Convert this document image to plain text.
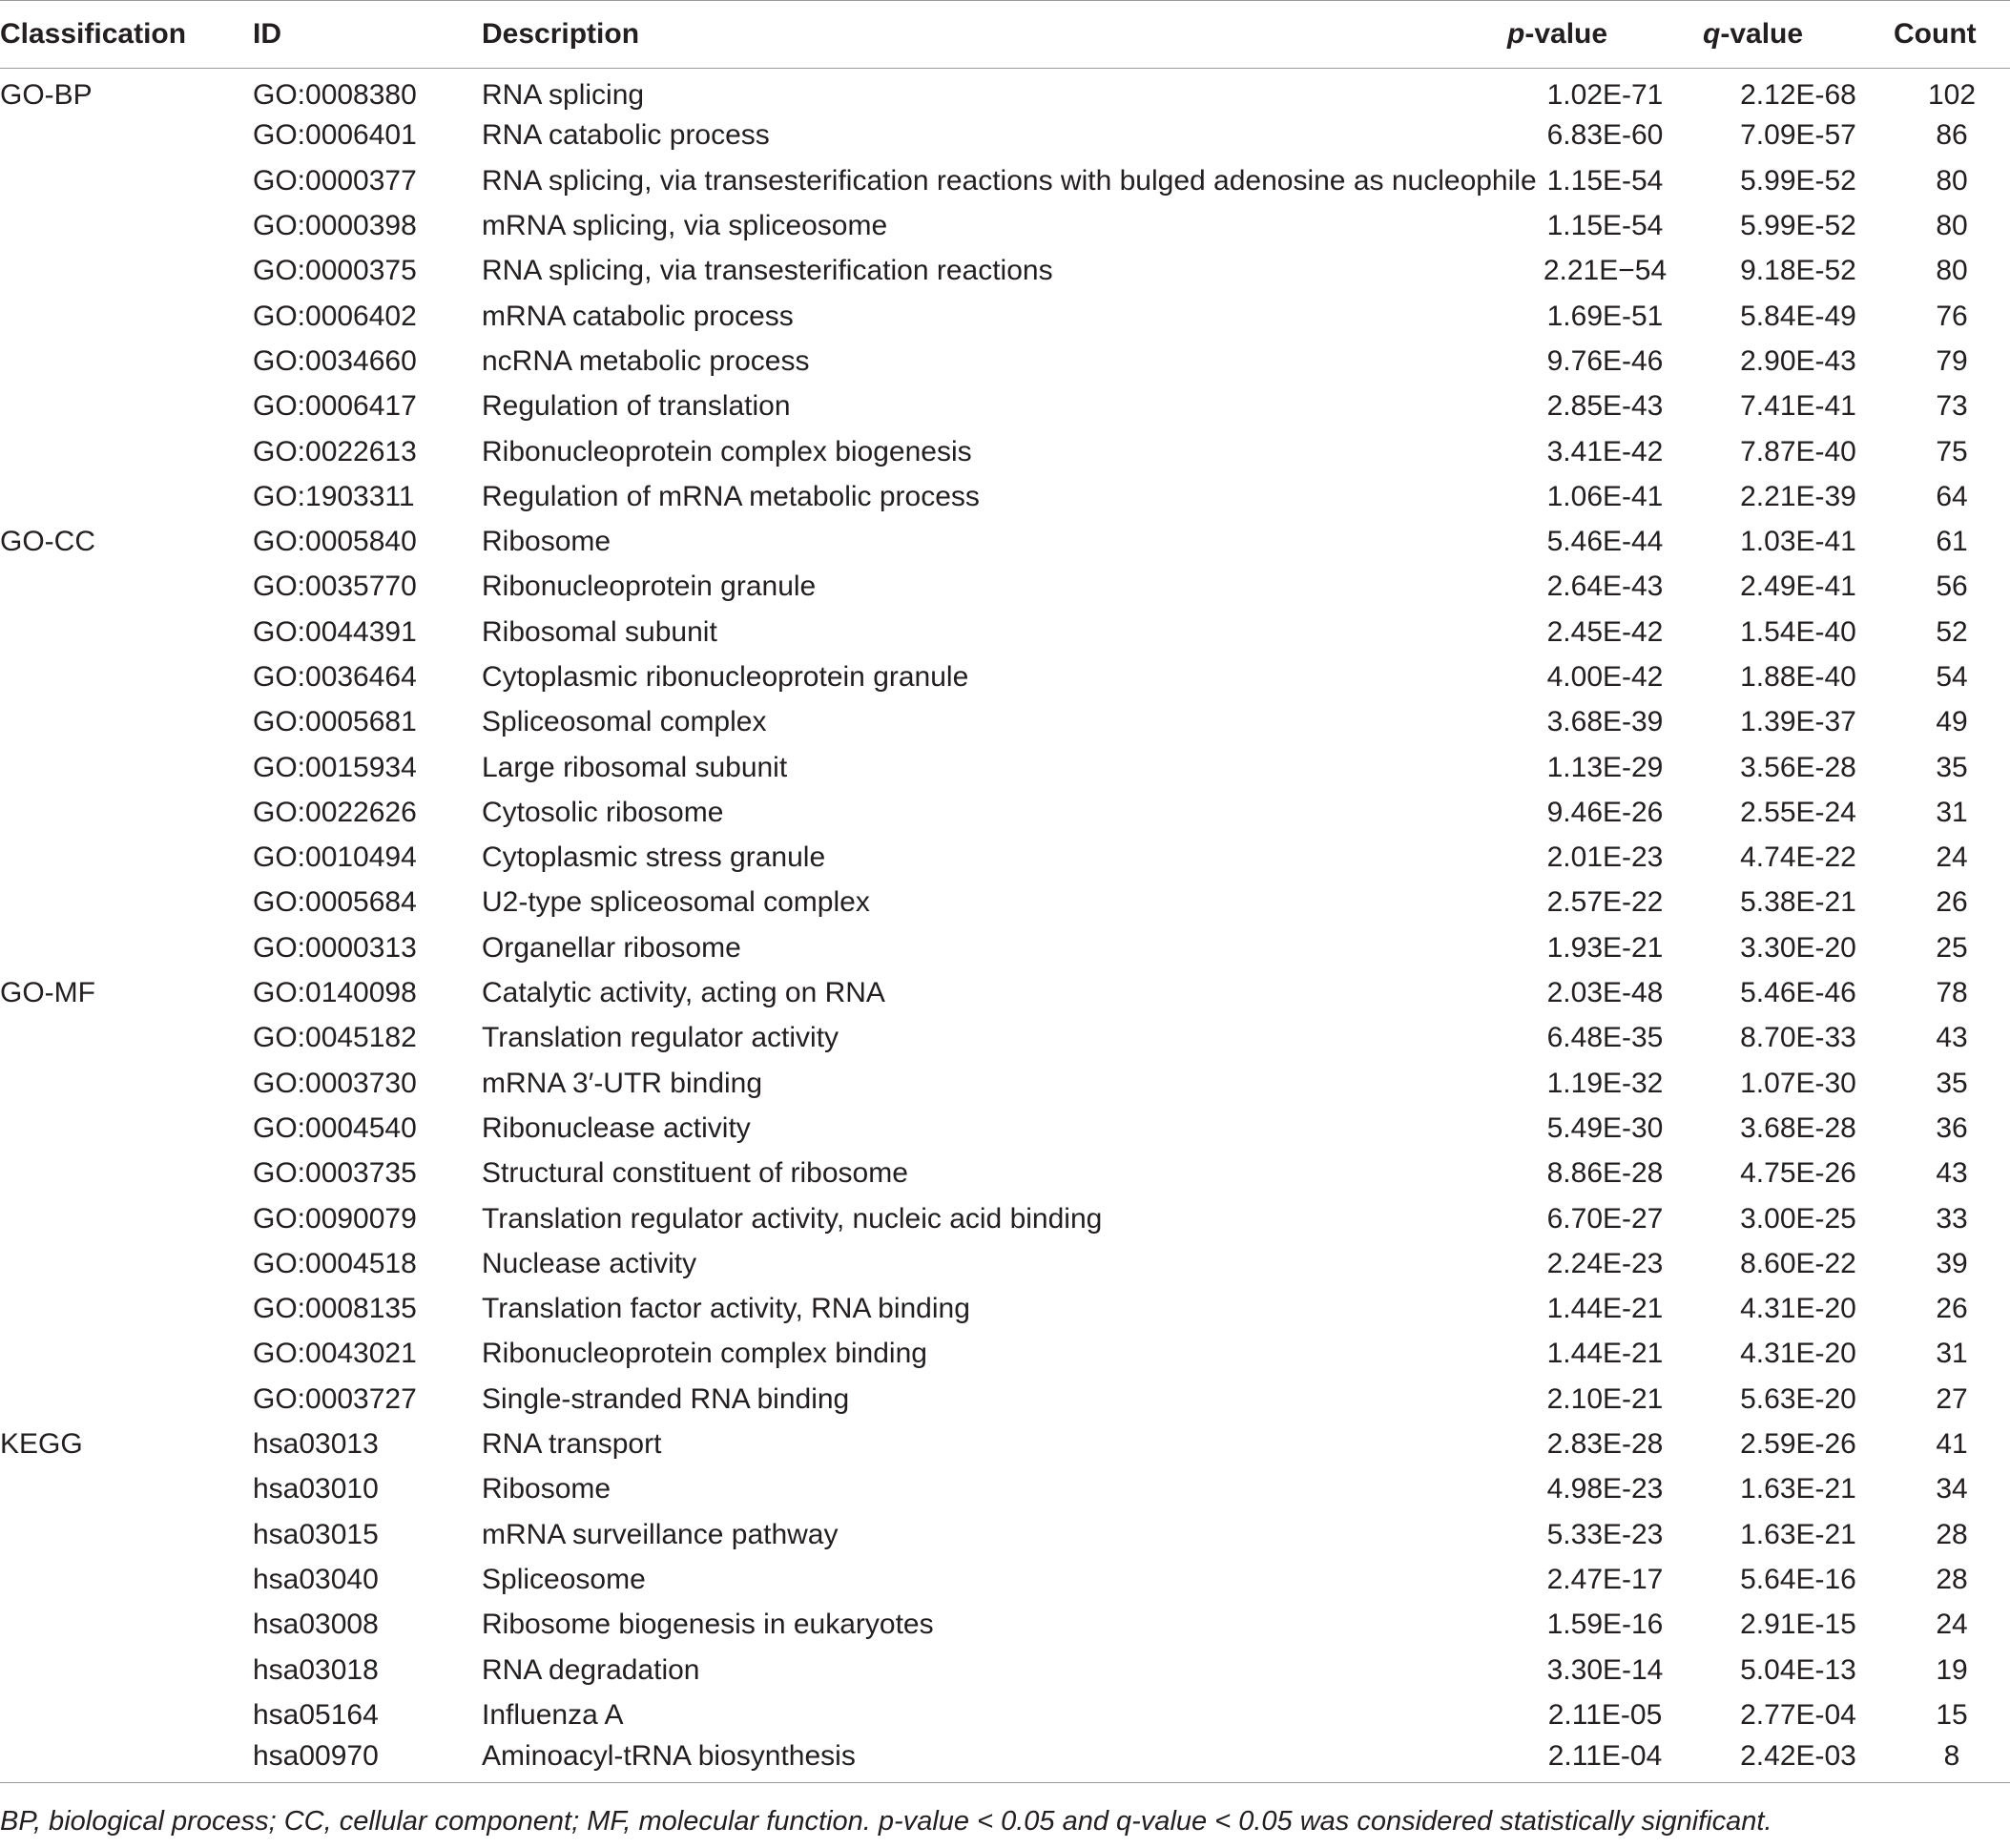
Classification	ID	Description	p-value	q-value	Count
GO-BP	GO:0008380	RNA splicing	1.02E-71	2.12E-68	102
	GO:0006401	RNA catabolic process	6.83E-60	7.09E-57	86
	GO:0000377	RNA splicing, via transesterification reactions with bulged adenosine as nucleophile	1.15E-54	5.99E-52	80
	GO:0000398	mRNA splicing, via spliceosome	1.15E-54	5.99E-52	80
	GO:0000375	RNA splicing, via transesterification reactions	2.21E−54	9.18E-52	80
	GO:0006402	mRNA catabolic process	1.69E-51	5.84E-49	76
	GO:0034660	ncRNA metabolic process	9.76E-46	2.90E-43	79
	GO:0006417	Regulation of translation	2.85E-43	7.41E-41	73
	GO:0022613	Ribonucleoprotein complex biogenesis	3.41E-42	7.87E-40	75
	GO:1903311	Regulation of mRNA metabolic process	1.06E-41	2.21E-39	64
GO-CC	GO:0005840	Ribosome	5.46E-44	1.03E-41	61
	GO:0035770	Ribonucleoprotein granule	2.64E-43	2.49E-41	56
	GO:0044391	Ribosomal subunit	2.45E-42	1.54E-40	52
	GO:0036464	Cytoplasmic ribonucleoprotein granule	4.00E-42	1.88E-40	54
	GO:0005681	Spliceosomal complex	3.68E-39	1.39E-37	49
	GO:0015934	Large ribosomal subunit	1.13E-29	3.56E-28	35
	GO:0022626	Cytosolic ribosome	9.46E-26	2.55E-24	31
	GO:0010494	Cytoplasmic stress granule	2.01E-23	4.74E-22	24
	GO:0005684	U2-type spliceosomal complex	2.57E-22	5.38E-21	26
	GO:0000313	Organellar ribosome	1.93E-21	3.30E-20	25
GO-MF	GO:0140098	Catalytic activity, acting on RNA	2.03E-48	5.46E-46	78
	GO:0045182	Translation regulator activity	6.48E-35	8.70E-33	43
	GO:0003730	mRNA 3′-UTR binding	1.19E-32	1.07E-30	35
	GO:0004540	Ribonuclease activity	5.49E-30	3.68E-28	36
	GO:0003735	Structural constituent of ribosome	8.86E-28	4.75E-26	43
	GO:0090079	Translation regulator activity, nucleic acid binding	6.70E-27	3.00E-25	33
	GO:0004518	Nuclease activity	2.24E-23	8.60E-22	39
	GO:0008135	Translation factor activity, RNA binding	1.44E-21	4.31E-20	26
	GO:0043021	Ribonucleoprotein complex binding	1.44E-21	4.31E-20	31
	GO:0003727	Single-stranded RNA binding	2.10E-21	5.63E-20	27
KEGG	hsa03013	RNA transport	2.83E-28	2.59E-26	41
	hsa03010	Ribosome	4.98E-23	1.63E-21	34
	hsa03015	mRNA surveillance pathway	5.33E-23	1.63E-21	28
	hsa03040	Spliceosome	2.47E-17	5.64E-16	28
	hsa03008	Ribosome biogenesis in eukaryotes	1.59E-16	2.91E-15	24
	hsa03018	RNA degradation	3.30E-14	5.04E-13	19
	hsa05164	Influenza A	2.11E-05	2.77E-04	15
	hsa00970	Aminoacyl-tRNA biosynthesis	2.11E-04	2.42E-03	8
BP, biological process; CC, cellular component; MF, molecular function. p-value < 0.05 and q-value < 0.05 was considered statistically significant.
